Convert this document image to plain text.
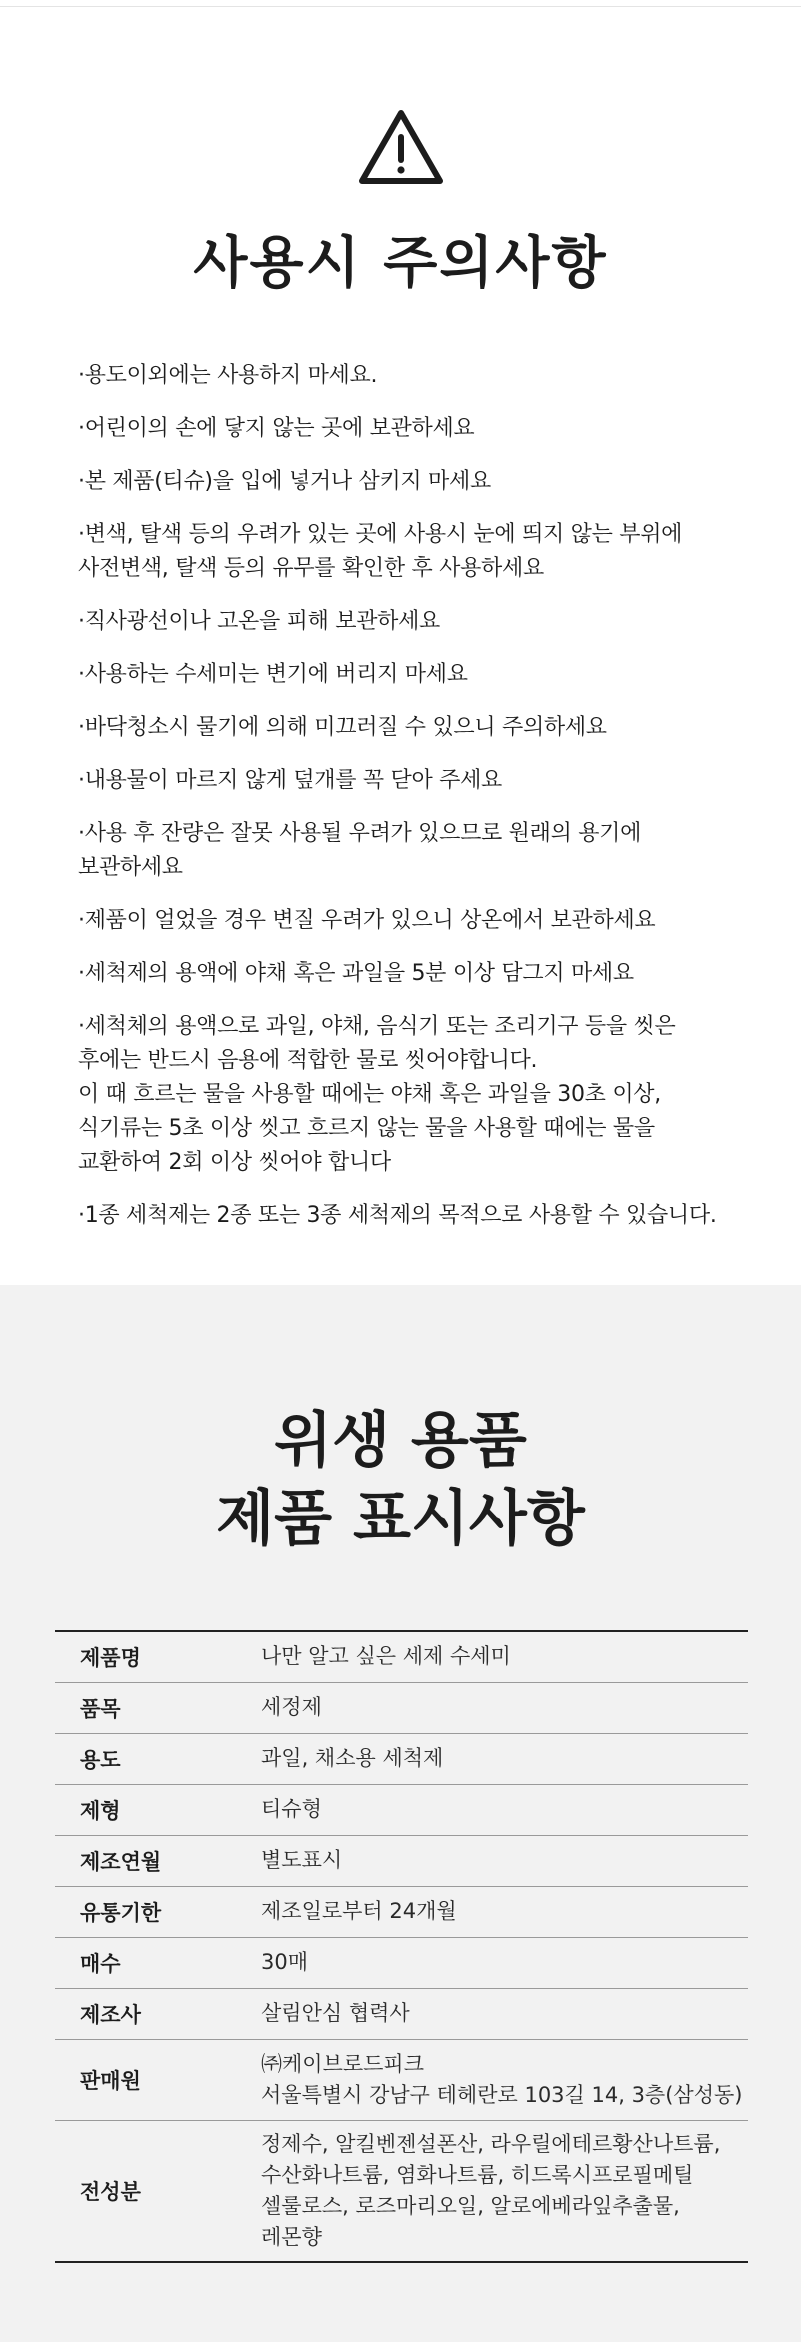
사용시 주의사항
·용도이외에는 사용하지 마세요.
·어린이의 손에 닿지 않는 곳에 보관하세요
·본 제품(티슈)을 입에 넣거나 삼키지 마세요
·변색, 탈색 등의 우려가 있는 곳에 사용시 눈에 띄지 않는 부위에
사전변색, 탈색 등의 유무를 확인한 후 사용하세요
·직사광선이나 고온을 피해 보관하세요
·사용하는 수세미는 변기에 버리지 마세요
·바닥청소시 물기에 의해 미끄러질 수 있으니 주의하세요
·내용물이 마르지 않게 덮개를 꼭 닫아 주세요
·사용 후 잔량은 잘못 사용될 우려가 있으므로 원래의 용기에
보관하세요
·제품이 얼었을 경우 변질 우려가 있으니 상온에서 보관하세요
·세척제의 용액에 야채 혹은 과일을 5분 이상 담그지 마세요
·세척체의 용액으로 과일, 야채, 음식기 또는 조리기구 등을 씻은
후에는 반드시 음용에 적합한 물로 씻어야합니다.
이 때 흐르는 물을 사용할 때에는 야채 혹은 과일을 30초 이상,
식기류는 5초 이상 씻고 흐르지 않는 물을 사용할 때에는 물을
교환하여 2회 이상 씻어야 합니다
·1종 세척제는 2종 또는 3종 세척제의 목적으로 사용할 수 있습니다.
위생 용품
제품 표시사항
제품명	나만 알고 싶은 세제 수세미
품목	세정제
용도	과일, 채소용 세척제
제형	티슈형
제조연월	별도표시
유통기한	제조일로부터 24개월
매수	30매
제조사	살림안심 협력사
판매원	㈜케이브로드피크
서울특별시 강남구 테헤란로 103길 14, 3층(삼성동)
전성분	정제수, 알킬벤젠설폰산, 라우릴에테르황산나트륨,
수산화나트륨, 염화나트륨, 히드록시프로필메틸
셀룰로스, 로즈마리오일, 알로에베라잎추출물,
레몬향
